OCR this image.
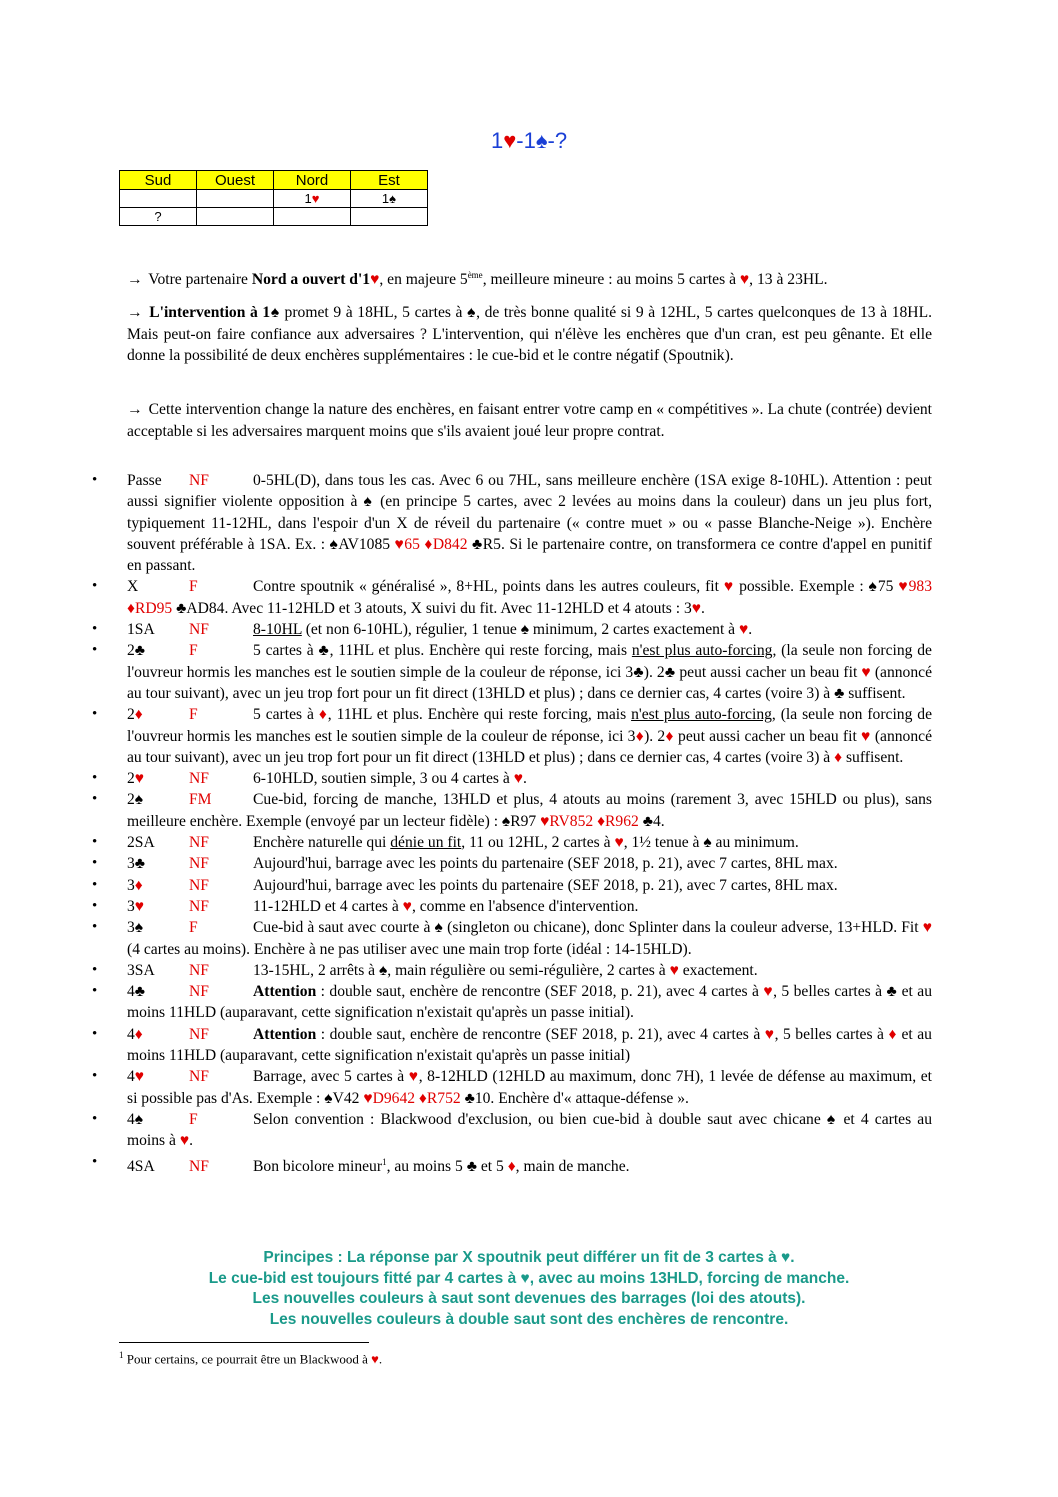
1♥-1♠-?
Sud	Ouest	Nord	Est
		1♥	1♠
?			
→ Votre partenaire Nord a ouvert d'1♥, en majeure 5ème, meilleure mineure : au moins 5 cartes à ♥, 13 à 23HL.
→ L'intervention à 1♠ promet 9 à 18HL, 5 cartes à ♠, de très bonne qualité si 9 à 12HL, 5 cartes quelconques de 13 à 18HL. Mais peut-on faire confiance aux adversaires ? L'intervention, qui n'élève les enchères que d'un cran, est peu gênante. Et elle donne la possibilité de deux enchères supplémentaires : le cue-bid et le contre négatif (Spoutnik).
→ Cette intervention change la nature des enchères, en faisant entrer votre camp en « compétitives ». La chute (contrée) devient acceptable si les adversaires marquent moins que s'ils avaient joué leur propre contrat.
• Passe NF	0-5HL(D), dans tous les cas. Avec 6 ou 7HL, sans meilleure enchère (1SA exige 8-10HL). Attention : peut aussi signifier violente opposition à ♠ (en principe 5 cartes, avec 2 levées au moins dans la couleur) dans un jeu plus fort, typiquement 11-12HL, dans l'espoir d'un X de réveil du partenaire (« contre muet » ou « passe Blanche-Neige »). Enchère souvent préférable à 1SA. Ex. : ♠AV1085 ♥65 ♦D842 ♣R5. Si le partenaire contre, on transformera ce contre d'appel en punitif en passant.
• X	F	Contre spoutnik « généralisé », 8+HL, points dans les autres couleurs, fit ♥ possible. Exemple : ♠75 ♥983 ♦RD95 ♣AD84. Avec 11-12HLD et 3 atouts, X suivi du fit. Avec 11-12HLD et 4 atouts : 3♥.
• 1SA NF	8-10HL (et non 6-10HL), régulier, 1 tenue ♠ minimum, 2 cartes exactement à ♥.
• 2♣	F	5 cartes à ♣, 11HL et plus. Enchère qui reste forcing, mais n'est plus auto-forcing, (la seule non forcing de l'ouvreur hormis les manches est le soutien simple de la couleur de réponse, ici 3♣). 2♣ peut aussi cacher un beau fit ♥ (annoncé au tour suivant), avec un jeu trop fort pour un fit direct (13HLD et plus) ; dans ce dernier cas, 4 cartes (voire 3) à ♣ suffisent.
• 2♦	F	5 cartes à ♦, 11HL et plus. Enchère qui reste forcing, mais n'est plus auto-forcing, (la seule non forcing de l'ouvreur hormis les manches est le soutien simple de la couleur de réponse, ici 3♦). 2♦ peut aussi cacher un beau fit ♥ (annoncé au tour suivant), avec un jeu trop fort pour un fit direct (13HLD et plus) ; dans ce dernier cas, 4 cartes (voire 3) à ♦ suffisent.
• 2♥	NF	6-10HLD, soutien simple, 3 ou 4 cartes à ♥.
• 2♠	FM	Cue-bid, forcing de manche, 13HLD et plus, 4 atouts au moins (rarement 3, avec 15HLD ou plus), sans meilleure enchère. Exemple (envoyé par un lecteur fidèle) : ♠R97 ♥RV852 ♦R962 ♣4.
• 2SA NF	Enchère naturelle qui dénie un fit, 11 ou 12HL, 2 cartes à ♥, 1½ tenue à ♠ au minimum.
• 3♣	NF	Aujourd'hui, barrage avec les points du partenaire (SEF 2018, p. 21), avec 7 cartes, 8HL max.
• 3♦	NF	Aujourd'hui, barrage avec les points du partenaire (SEF 2018, p. 21), avec 7 cartes, 8HL max.
• 3♥	NF	11-12HLD et 4 cartes à ♥, comme en l'absence d'intervention.
• 3♠	F	Cue-bid à saut avec courte à ♠ (singleton ou chicane), donc Splinter dans la couleur adverse, 13+HLD. Fit ♥ (4 cartes au moins). Enchère à ne pas utiliser avec une main trop forte (idéal : 14-15HLD).
• 3SA NF	13-15HL, 2 arrêts à ♠, main régulière ou semi-régulière, 2 cartes à ♥ exactement.
• 4♣	NF	Attention : double saut, enchère de rencontre (SEF 2018, p. 21), avec 4 cartes à ♥, 5 belles cartes à ♣ et au moins 11HLD (auparavant, cette signification n'existait qu'après un passe initial).
• 4♦	NF	Attention : double saut, enchère de rencontre (SEF 2018, p. 21), avec 4 cartes à ♥, 5 belles cartes à ♦ et au moins 11HLD (auparavant, cette signification n'existait qu'après un passe initial)
• 4♥	NF	Barrage, avec 5 cartes à ♥, 8-12HLD (12HLD au maximum, donc 7H), 1 levée de défense au maximum, et si possible pas d'As. Exemple : ♠V42 ♥D9642 ♦R752 ♣10. Enchère d'« attaque-défense ».
• 4♠	F	Selon convention : Blackwood d'exclusion, ou bien cue-bid à double saut avec chicane ♠ et 4 cartes au moins à ♥.
• 4SA NF	Bon bicolore mineur$^1$, au moins 5 ♣ et 5 ♦, main de manche.
Principes : La réponse par X spoutnik peut différer un fit de 3 cartes à ♥.
Le cue-bid est toujours fitté par 4 cartes à ♥, avec au moins 13HLD, forcing de manche.
Les nouvelles couleurs à saut sont devenues des barrages (loi des atouts).
Les nouvelles couleurs à double saut sont des enchères de rencontre.
$^1$ Pour certains, ce pourrait être un Blackwood à ♥.
